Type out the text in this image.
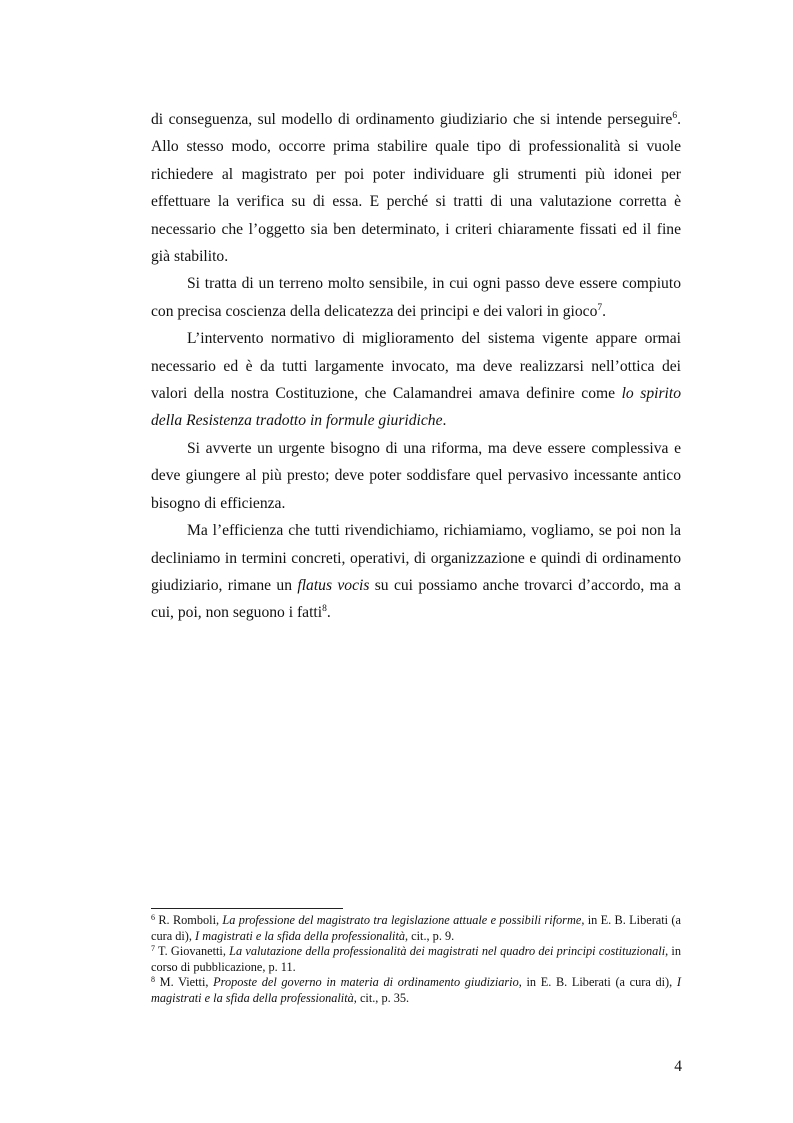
di conseguenza, sul modello di ordinamento giudiziario che si intende perseguire$^6$. Allo stesso modo, occorre prima stabilire quale tipo di professionalità si vuole richiedere al magistrato per poi poter individuare gli strumenti più idonei per effettuare la verifica su di essa. E perché si tratti di una valutazione corretta è necessario che l’oggetto sia ben determinato, i criteri chiaramente fissati ed il fine già stabilito.

Si tratta di un terreno molto sensibile, in cui ogni passo deve essere compiuto con precisa coscienza della delicatezza dei principi e dei valori in gioco$^7$.

L’intervento normativo di miglioramento del sistema vigente appare ormai necessario ed è da tutti largamente invocato, ma deve realizzarsi nell’ottica dei valori della nostra Costituzione, che Calamandrei amava definire come lo spirito della Resistenza tradotto in formule giuridiche.

Si avverte un urgente bisogno di una riforma, ma deve essere complessiva e deve giungere al più presto; deve poter soddisfare quel pervasivo incessante antico bisogno di efficienza.

Ma l’efficienza che tutti rivendichiamo, richiamiamo, vogliamo, se poi non la decliniamo in termini concreti, operativi, di organizzazione e quindi di ordinamento giudiziario, rimane un flatus vocis su cui possiamo anche trovarci d’accordo, ma a cui, poi, non seguono i fatti$^8$.

$^6$ R. Romboli, La professione del magistrato tra legislazione attuale e possibili riforme, in E. B. Liberati (a cura di), I magistrati e la sfida della professionalità, cit., p. 9.

$^7$ T. Giovanetti, La valutazione della professionalità dei magistrati nel quadro dei principi costituzionali, in corso di pubblicazione, p. 11.

$^8$ M. Vietti, Proposte del governo in materia di ordinamento giudiziario, in E. B. Liberati (a cura di), I magistrati e la sfida della professionalità, cit., p. 35.

4
